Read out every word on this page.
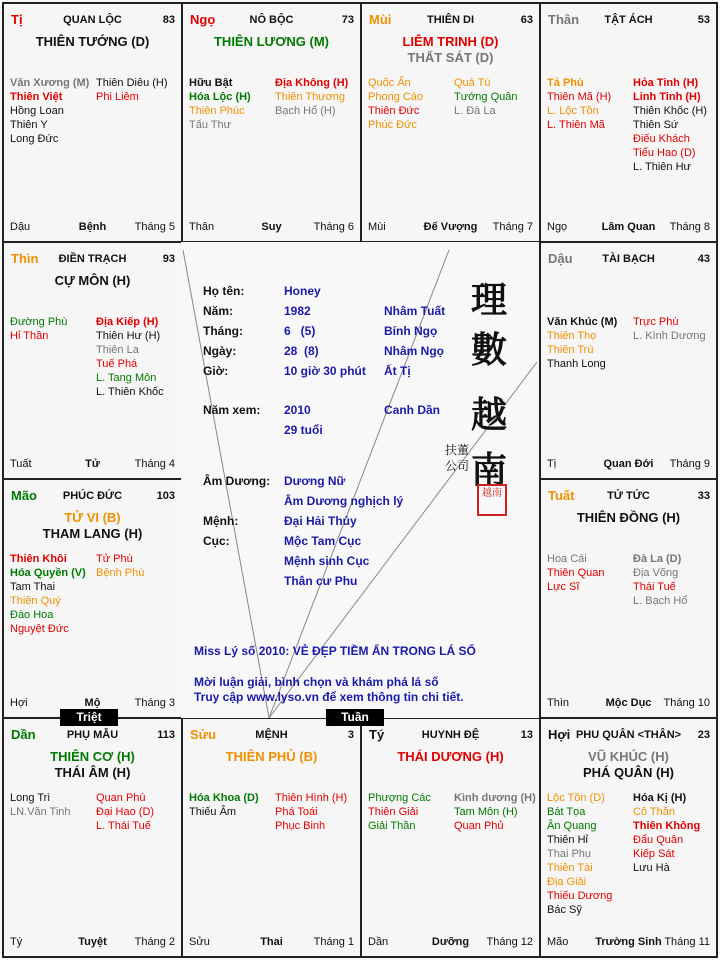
Tị	QUAN LỘC	83
THIÊN TƯỚNG (D)
Văn Xương (M)
Thiên Việt
Hồng Loan
Thiên Y
Long Đức
Thiên Diêu (H)
Phi Liêm
Dậu	Bệnh	Tháng 5
Ngọ	NÔ BỘC	73
THIÊN LƯƠNG (M)
Hữu Bật
Hóa Lộc (H)
Thiên Phúc
Tấu Thư
Địa Không (H)
Thiên Thương
Bạch Hổ (H)
Thân	Suy	Tháng 6
Mùi	THIÊN DI	63
LIÊM TRINH (D)
THẤT SÁT (D)
Quốc Ấn
Phong Cáo
Thiên Đức
Phúc Đức
Quả Tú
Tướng Quân
L. Đà La
Mùi	Đế Vượng	Tháng 7
Thân	TẬT ÁCH	53
Tả Phù
Thiên Mã (H)
L. Lộc Tồn
L. Thiên Mã
Hỏa Tinh (H)
Linh Tinh (H)
Thiên Khốc (H)
Thiên Sứ
Điếu Khách
Tiểu Hao (D)
L. Thiên Hư
Ngọ	Lâm Quan	Tháng 8
Thìn	ĐIỀN TRẠCH	93
CỰ MÔN (H)
Đường Phù
Hỉ Thần
Địa Kiếp (H)
Thiên Hư (H)
Thiên La
Tuế Phá
L. Tang Môn
L. Thiên Khốc
Tuất	Tử	Tháng 4
Dậu	TÀI BẠCH	43
Văn Khúc (M)
Thiên Thọ
Thiên Trù
Thanh Long
Trực Phù
L. Kình Dương
Tị	Quan Đới	Tháng 9
Mão	PHÚC ĐỨC	103
TỬ VI (B)
THAM LANG (H)
Thiên Khôi
Hóa Quyền (V)
Tam Thai
Thiên Quý
Đào Hoa
Nguyệt Đức
Tử Phù
Bệnh Phù
Hợi	Mộ	Tháng 3
Tuất	TỬ TỨC	33
THIÊN ĐỒNG (H)
Hoa Cái
Thiên Quan
Lực Sĩ
Đà La (D)
Địa Võng
Thái Tuế
L. Bạch Hổ
Thìn	Mộc Dục	Tháng 10
Dần	PHỤ MẪU	113
THIÊN CƠ (H)
THÁI ÂM (H)
Long Trì
LN.Văn Tinh
Quan Phù
Đại Hao (D)
L. Thái Tuế
Tý	Tuyệt	Tháng 2
Sửu	MỆNH	3
THIÊN PHỦ (B)
Hóa Khoa (D)
Thiếu Âm
Thiên Hình (H)
Phá Toái
Phục Binh
Sửu	Thai	Tháng 1
Tý	HUYNH ĐỆ	13
THÁI DƯƠNG (H)
Phượng Các
Thiên Giải
Giải Thần
Kình dương (H)
Tam Môn (H)
Quan Phủ
Dần	Dưỡng	Tháng 12
Hợi PHU QUÂN <THÂN>	23
VŨ KHÚC (H)
PHÁ QUÂN (H)
Lộc Tồn (D)
Bát Tọa
Ân Quang
Thiên Hỉ
Thai Phụ
Thiên Tài
Địa Giải
Thiếu Dương
Bác Sỹ
Hóa Kị (H)
Cô Thần
Thiên Không
Đẩu Quân
Kiếp Sát
Lưu Hà
Mão	Trường Sinh Tháng 11
Họ tên:	Honey
Năm:	1982	Nhâm Tuất
Tháng:	6   (5)	Bính Ngọ
Ngày:	28  (8)	Nhâm Ngọ
Giờ:	10 giờ 30 phút Ất Tị
Năm xem: 2010	Canh Dần
29 tuổi
Âm Dương: Dương Nữ
Âm Dương nghịch lý
Mệnh:	Đại Hải Thủy
Cục:	Mộc Tam Cục
Mệnh sinh Cục
Thân cư Phu
理
數
越
南
扶董公司
越南
Miss Lý số 2010: VẺ ĐẸP TIỀM ẨN TRONG LÁ SỐ
Mời luận giải, bình chọn và khám phá lá số
Truy cập www.lyso.vn để xem thông tin chi tiết.
Triệt	Tuần
